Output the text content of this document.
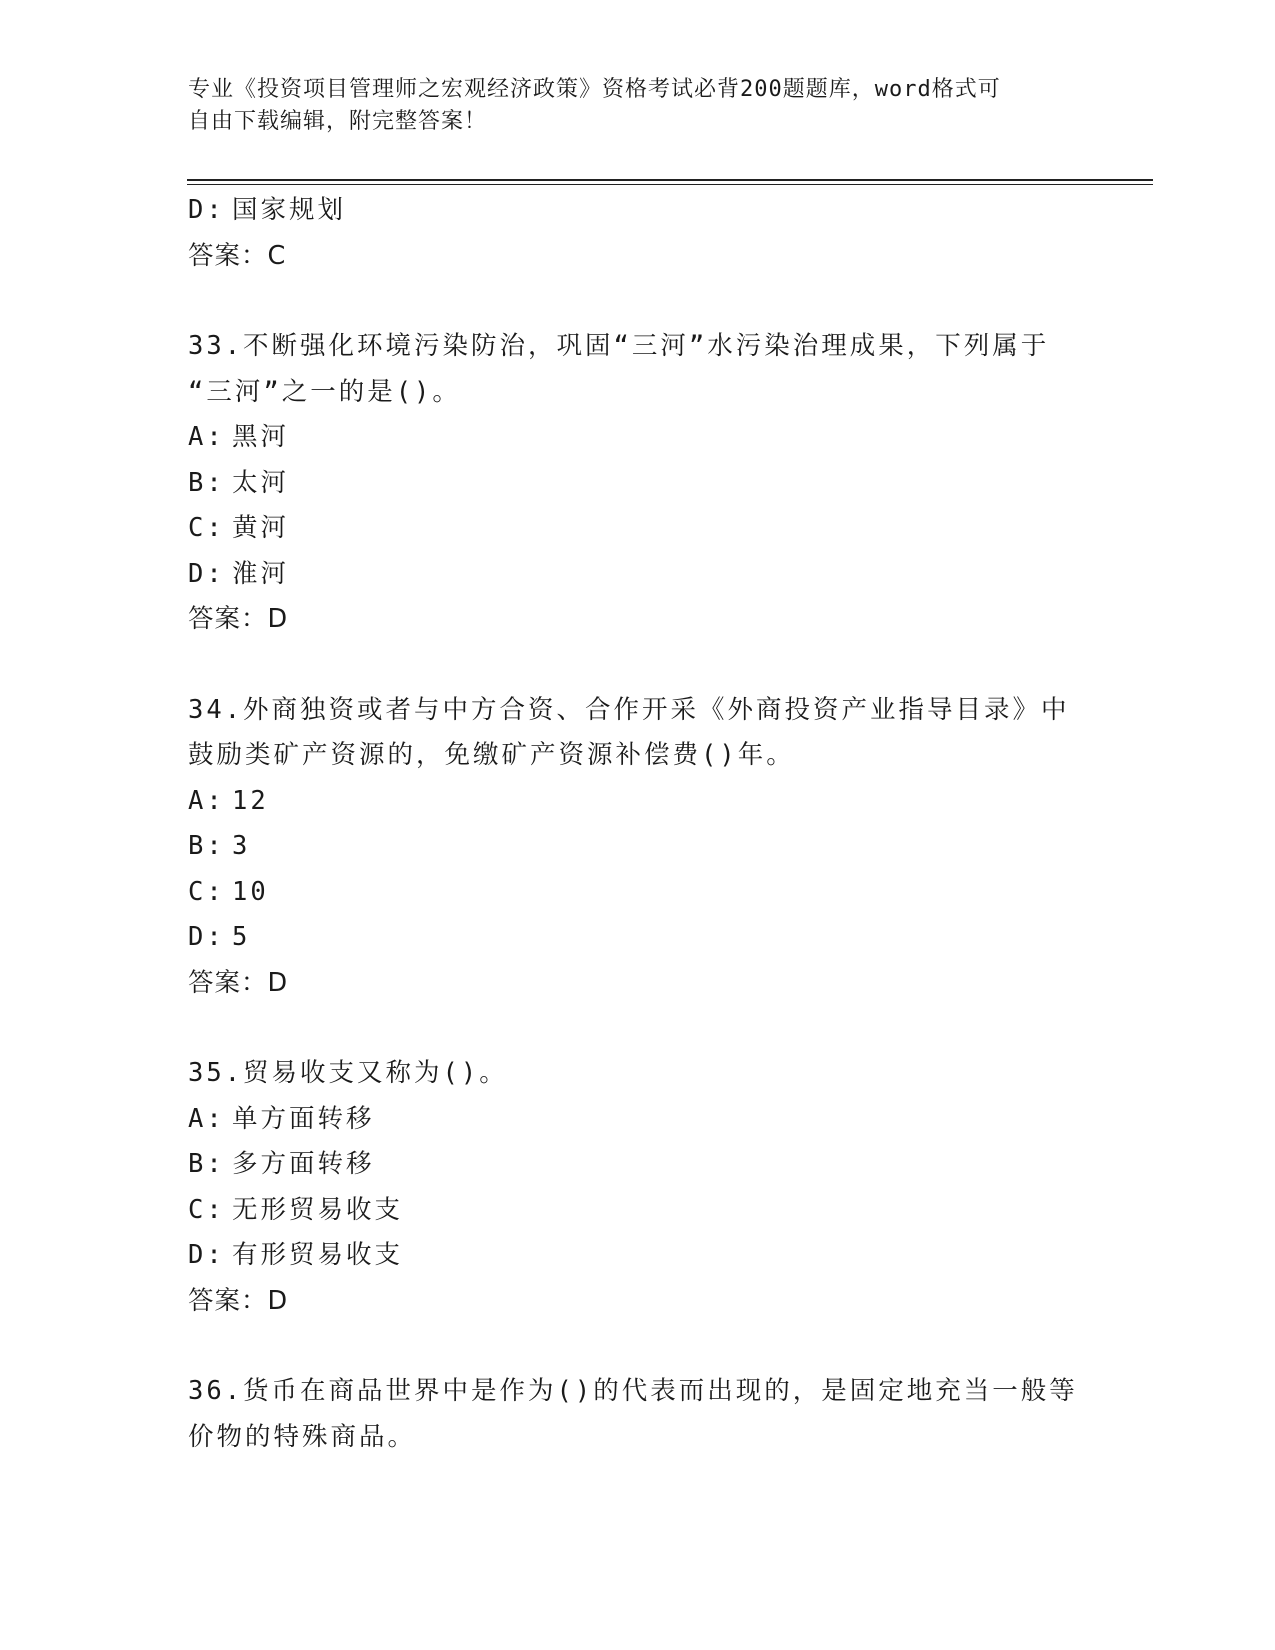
专业《投资项目管理师之宏观经济政策》资格考试必背200题题库，word格式可
自由下载编辑，附完整答案！
D: 国家规划
答案：C
33.不断强化环境污染防治，巩固“三河”水污染治理成果，下列属于
“三河”之一的是()。
A: 黑河
B: 太河
C: 黄河
D: 淮河
答案：D
34.外商独资或者与中方合资、合作开采《外商投资产业指导目录》中
鼓励类矿产资源的，免缴矿产资源补偿费()年。
A: 12
B: 3
C: 10
D: 5
答案：D
35.贸易收支又称为()。
A: 单方面转移
B: 多方面转移
C: 无形贸易收支
D: 有形贸易收支
答案：D
36.货币在商品世界中是作为()的代表而出现的，是固定地充当一般等
价物的特殊商品。
